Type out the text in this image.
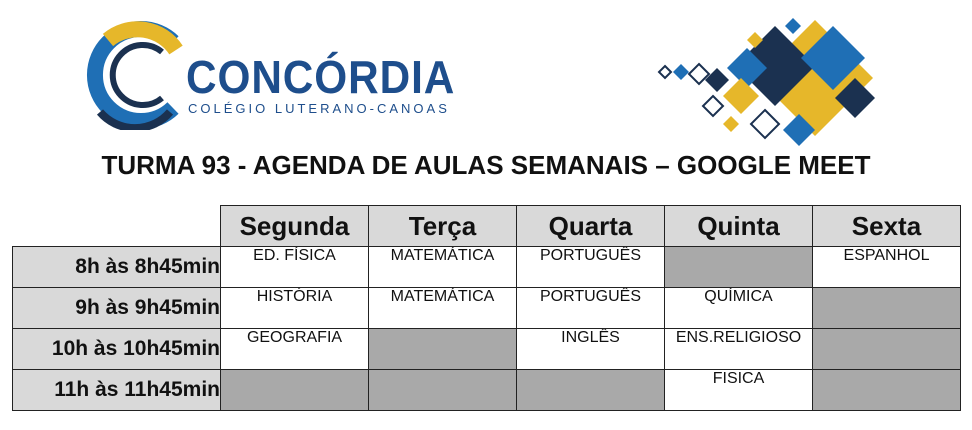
CONCÓRDIA
COLÉGIO LUTERANO-CANOAS
TURMA 93 - AGENDA DE AULAS SEMANAIS – GOOGLE MEET
	Segunda	Terça	Quarta	Quinta	Sexta
8h às 8h45min	ED. FÍSICA	MATEMÁTICA	PORTUGUÊS		ESPANHOL
9h às 9h45min	HISTÓRIA	MATEMÁTICA	PORTUGUÊS	QUÍMICA	
10h às 10h45min	GEOGRAFIA		INGLÊS	ENS.RELIGIOSO	
11h às 11h45min				FISICA	
